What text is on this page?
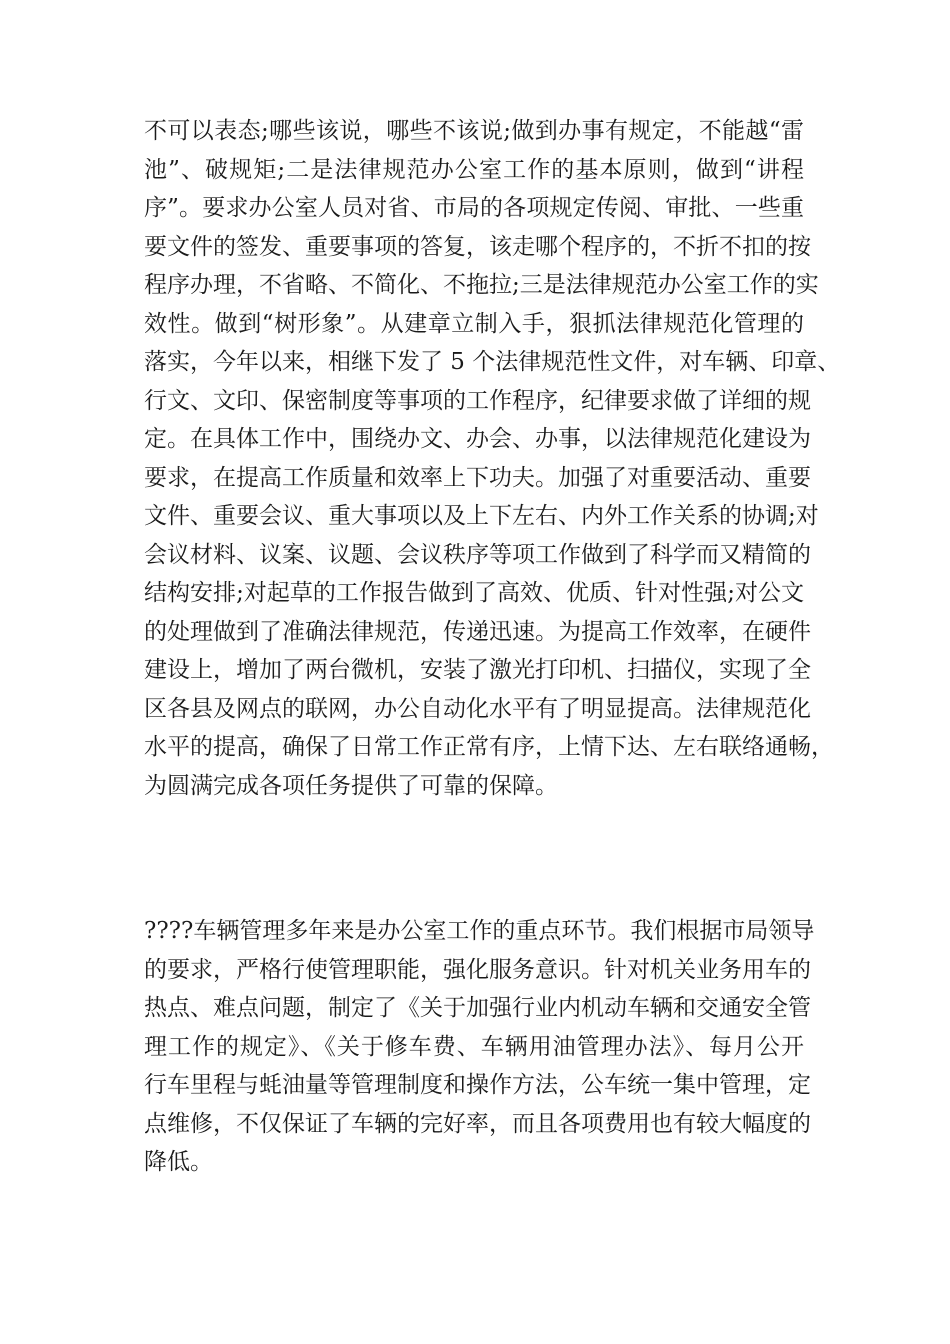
不可以表态;哪些该说，哪些不该说;做到办事有规定，不能越“雷
池”、破规矩;二是法律规范办公室工作的基本原则，做到“讲程
序”。要求办公室人员对省、市局的各项规定传阅、审批、一些重
要文件的签发、重要事项的答复，该走哪个程序的，不折不扣的按
程序办理，不省略、不简化、不拖拉;三是法律规范办公室工作的实
效性。做到“树形象”。从建章立制入手，狠抓法律规范化管理的
落实，今年以来，相继下发了 5 个法律规范性文件，对车辆、印章、
行文、文印、保密制度等事项的工作程序，纪律要求做了详细的规
定。在具体工作中，围绕办文、办会、办事，以法律规范化建设为
要求，在提高工作质量和效率上下功夫。加强了对重要活动、重要
文件、重要会议、重大事项以及上下左右、内外工作关系的协调;对
会议材料、议案、议题、会议秩序等项工作做到了科学而又精简的
结构安排;对起草的工作报告做到了高效、优质、针对性强;对公文
的处理做到了准确法律规范，传递迅速。为提高工作效率，在硬件
建设上，增加了两台微机，安装了激光打印机、扫描仪，实现了全
区各县及网点的联网，办公自动化水平有了明显提高。法律规范化
水平的提高，确保了日常工作正常有序，上情下达、左右联络通畅，
为圆满完成各项任务提供了可靠的保障。
????车辆管理多年来是办公室工作的重点环节。我们根据市局领导
的要求，严格行使管理职能，强化服务意识。针对机关业务用车的
热点、难点问题，制定了《关于加强行业内机动车辆和交通安全管
理工作的规定》、《关于修车费、车辆用油管理办法》、每月公开
行车里程与蚝油量等管理制度和操作方法，公车统一集中管理，定
点维修，不仅保证了车辆的完好率，而且各项费用也有较大幅度的
降低。
